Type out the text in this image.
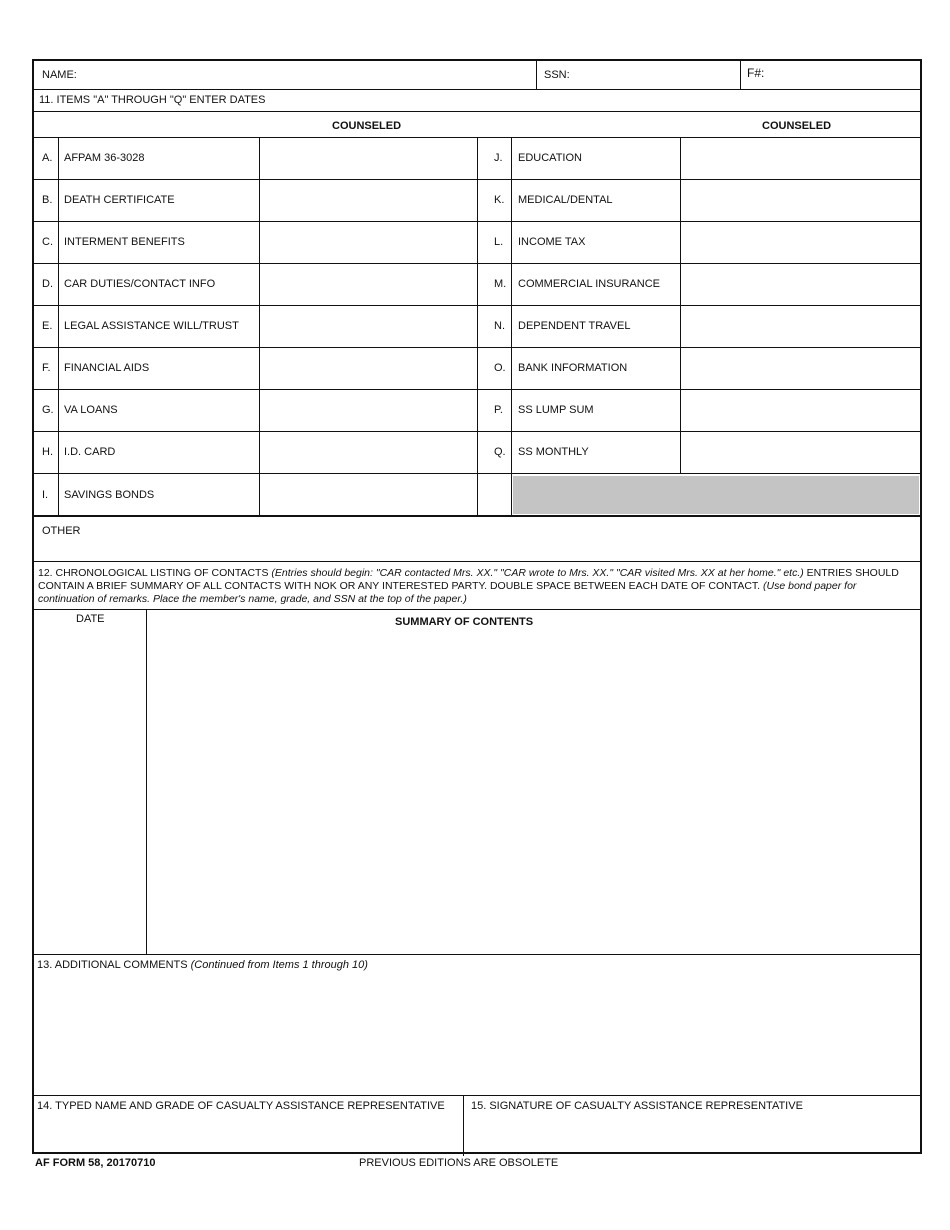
NAME:	SSN:	F#:
11. ITEMS "A" THROUGH "Q" ENTER DATES
COUNSELED	COUNSELED
A. AFPAM 36-3028	J. EDUCATION
B. DEATH CERTIFICATE	K. MEDICAL/DENTAL
C. INTERMENT BENEFITS	L. INCOME TAX
D. CAR DUTIES/CONTACT INFO	M. COMMERCIAL INSURANCE
E. LEGAL ASSISTANCE WILL/TRUST	N. DEPENDENT TRAVEL
F. FINANCIAL AIDS	O. BANK INFORMATION
G. VA LOANS	P. SS LUMP SUM
H. I.D. CARD	Q. SS MONTHLY
I. SAVINGS BONDS
OTHER
12. CHRONOLOGICAL LISTING OF CONTACTS (Entries should begin: "CAR contacted Mrs. XX." "CAR wrote to Mrs. XX." "CAR visited Mrs. XX at her home." etc.) ENTRIES SHOULD CONTAIN A BRIEF SUMMARY OF ALL CONTACTS WITH NOK OR ANY INTERESTED PARTY. DOUBLE SPACE BETWEEN EACH DATE OF CONTACT. (Use bond paper for continuation of remarks. Place the member's name, grade, and SSN at the top of the paper.)
DATE	SUMMARY OF CONTENTS
13. ADDITIONAL COMMENTS (Continued from Items 1 through 10)
14. TYPED NAME AND GRADE OF CASUALTY ASSISTANCE REPRESENTATIVE 15. SIGNATURE OF CASUALTY ASSISTANCE REPRESENTATIVE
AF FORM 58, 20170710	PREVIOUS EDITIONS ARE OBSOLETE
